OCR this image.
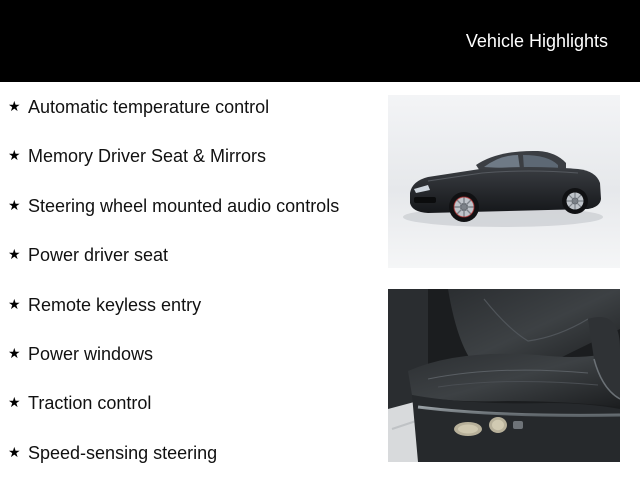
Vehicle Highlights
★ Automatic temperature control
★ Memory Driver Seat & Mirrors
★ Steering wheel mounted audio controls
★ Power driver seat
★ Remote keyless entry
★ Power windows
★ Traction control
★ Speed-sensing steering
